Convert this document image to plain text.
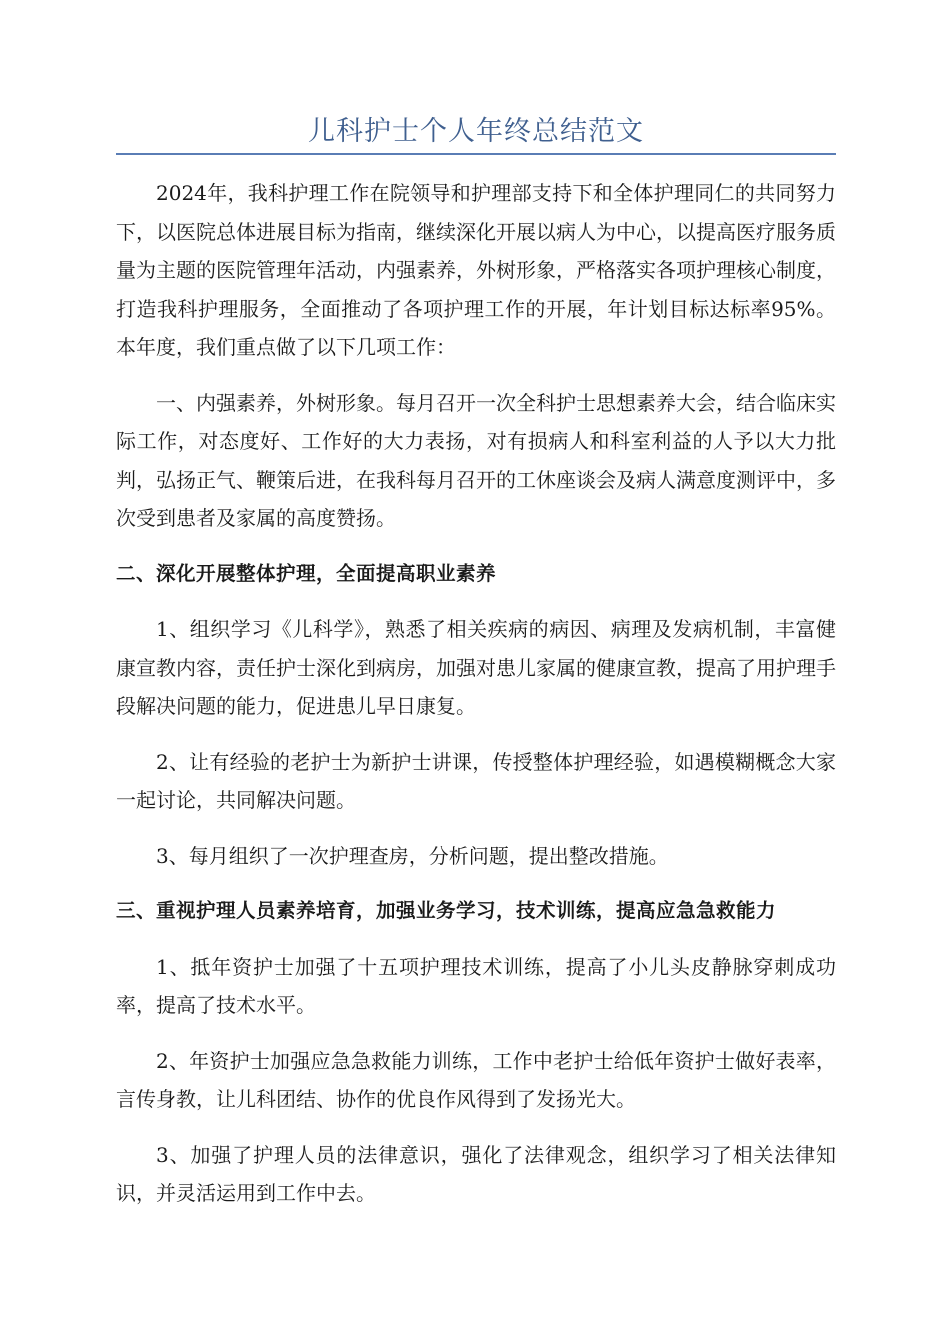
儿科护士个人年终总结范文

2024年，我科护理工作在院领导和护理部支持下和全体护理同仁的共同努力下，以医院总体进展目标为指南，继续深化开展以病人为中心，以提高医疗服务质量为主题的医院管理年活动，内强素养，外树形象，严格落实各项护理核心制度，打造我科护理服务，全面推动了各项护理工作的开展，年计划目标达标率95%。本年度，我们重点做了以下几项工作：

一、内强素养，外树形象。每月召开一次全科护士思想素养大会，结合临床实际工作，对态度好、工作好的大力表扬，对有损病人和科室利益的人予以大力批判，弘扬正气、鞭策后进，在我科每月召开的工休座谈会及病人满意度测评中，多次受到患者及家属的高度赞扬。

二、深化开展整体护理，全面提高职业素养

1、组织学习《儿科学》，熟悉了相关疾病的病因、病理及发病机制，丰富健康宣教内容，责任护士深化到病房，加强对患儿家属的健康宣教，提高了用护理手段解决问题的能力，促进患儿早日康复。

2、让有经验的老护士为新护士讲课，传授整体护理经验，如遇模糊概念大家一起讨论，共同解决问题。

3、每月组织了一次护理查房，分析问题，提出整改措施。

三、重视护理人员素养培育，加强业务学习，技术训练，提高应急急救能力

1、抵年资护士加强了十五项护理技术训练，提高了小儿头皮静脉穿刺成功率，提高了技术水平。

2、年资护士加强应急急救能力训练，工作中老护士给低年资护士做好表率，言传身教，让儿科团结、协作的优良作风得到了发扬光大。

3、加强了护理人员的法律意识，强化了法律观念，组织学习了相关法律知识，并灵活运用到工作中去。
